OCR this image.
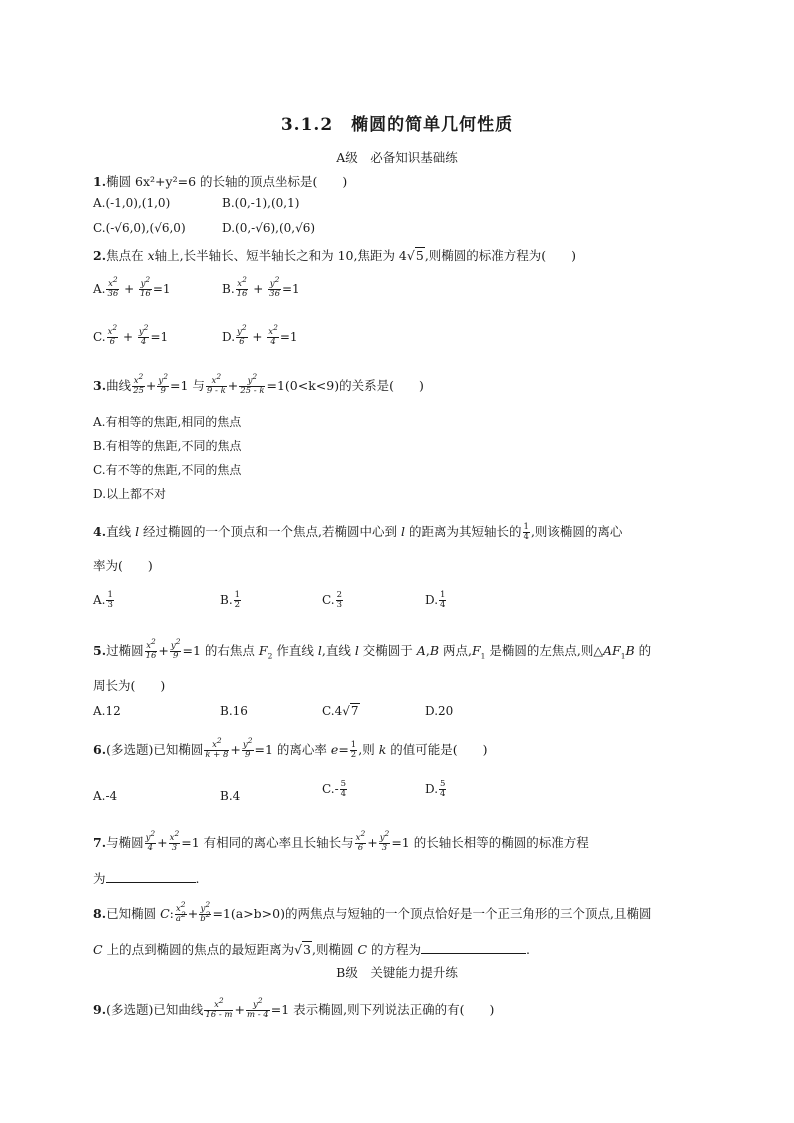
3.1.2　椭圆的简单几何性质
A级　必备知识基础练
1.椭圆 6x²+y²=6 的长轴的顶点坐标是(　　)
A.(-1,0),(1,0)	B.(0,-1),(0,1)
C.(-√6,0),(√6,0)	D.(0,-√6),(0,√6)
2.焦点在 x轴上,长半轴长、短半轴长之和为 10,焦距为 4√5,则椭圆的标准方程为(　　)
A. $\frac{x^2}{36} + \frac{y^2}{16} =1$	B. $\frac{x^2}{16} + \frac{y^2}{36} =1$
C. $\frac{x^2}{6} + \frac{y^2}{4} =1$	D. $\frac{y^2}{6} + \frac{x^2}{4} =1$
3.曲线 $\frac{x^2}{25} + \frac{y^2}{9} =1$ 与 $\frac{x^2}{9 - k} + \frac{y^2}{25 - k} =1(0<k<9)$的关系是(　　)
A.有相等的焦距,相同的焦点
B.有相等的焦距,不同的焦点
C.有不等的焦距,不同的焦点
D.以上都不对
4.直线 l 经过椭圆的一个顶点和一个焦点,若椭圆中心到 l 的距离为其短轴长的 $\frac{1}{4}$ ,则该椭圆的离心
率为(　　)
A. $\frac{1}{3}$	B. $\frac{1}{2}$	C. $\frac{2}{3}$	D. $\frac{1}{4}$
5.过椭圆 $\frac{x^2}{16} + \frac{y^2}{9} =1$ 的右焦点 $F_2$ 作直线 l,直线 l 交椭圆于 A,B 两点$,F_1$ 是椭圆的左焦点,则$\triangle AF_1B$ 的
周长为(　　)
A.12	B.16	C.4√7	D.20
6.(多选题)已知椭圆 $\frac{x^2}{k + 8} + \frac{y^2}{9} =1$ 的离心率 $e= \frac{1}{2}$ ,则 k 的值可能是(　　)
A.-4	B.4
$C.- \frac{5}{4}$	D. $\frac{5}{4}$
7.与椭圆 $\frac{y^2}{4} + \frac{x^2}{3} =1$ 有相同的离心率且长轴长与 $\frac{x^2}{6} + \frac{y^2}{3} =1$ 的长轴长相等的椭圆的标准方程
为	.
8.已知椭圆 C: $\frac{x^2}{a^2} + \frac{y^2}{b^2} =1(a>b>0)$的两焦点与短轴的一个顶点恰好是一个正三角形的三个顶点,且椭圆
C 上的点到椭圆的焦点的最短距离为√3,则椭圆 C 的方程为	.
B级　关键能力提升练
9.(多选题)已知曲线 $\frac{x^2}{16 - m} + \frac{y^2}{m - 4} =1$ 表示椭圆,则下列说法正确的有(　　)
